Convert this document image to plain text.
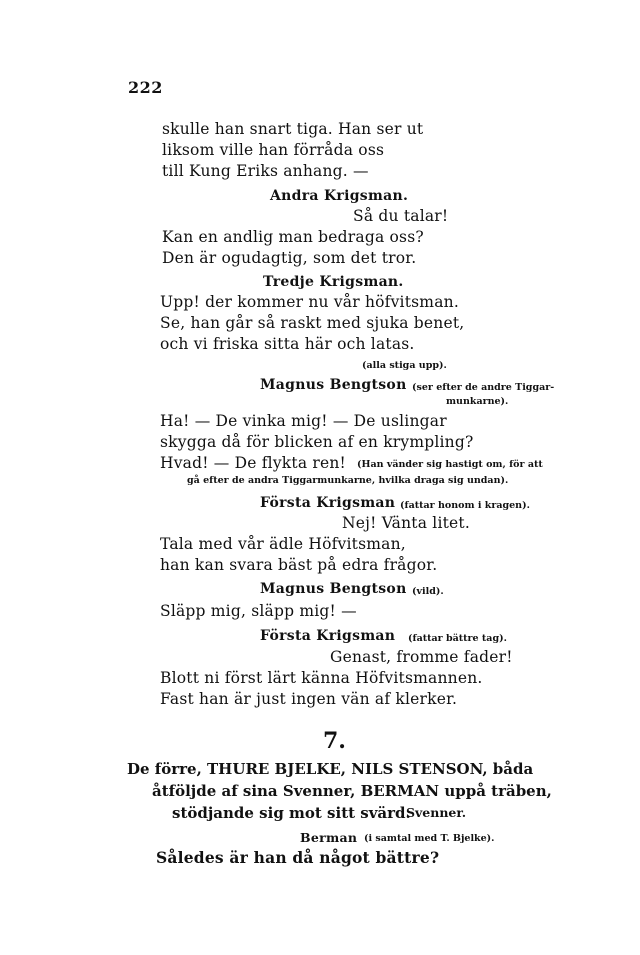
222
skulle han snart tiga. Han ser ut
liksom ville han förråda oss
till Kung Eriks anhang. —
Andra Krigsman.
Så du talar!
Kan en andlig man bedraga oss?
Den är ogudagtig, som det tror.
Tredje Krigsman.
Upp! der kommer nu vår höfvitsman.
Se, han går så raskt med sjuka benet,
och vi friska sitta här och latas.
(alla stiga upp).
Magnus Bengtson (ser efter de andre Tiggar-
munkarne).
Ha! — De vinka mig! — De uslingar
skygga då för blicken af en krympling?
Hvad! — De flykta ren! (Han vänder sig hastigt om, för att
gå efter de andra Tiggarmunkarne, hvilka draga sig undan).
Första Krigsman (fattar honom i kragen).
Nej! Vänta litet.
Tala med vår ädle Höfvitsman,
han kan svara bäst på edra frågor.
Magnus Bengtson (vild).
Släpp mig, släpp mig! —
Första Krigsman (fattar bättre tag).
Genast, fromme fader!
Blott ni först lärt känna Höfvitsmannen.
Fast han är just ingen vän af klerker.
7.
De förre, THURE BJELKE, NILS STENSON, båda
åtföljde af sina Svenner, BERMAN uppå träben,
stödjande sig mot sitt svärd.
Svenner.
Berman (i samtal med T. Bjelke).
Således är han då något bättre?
